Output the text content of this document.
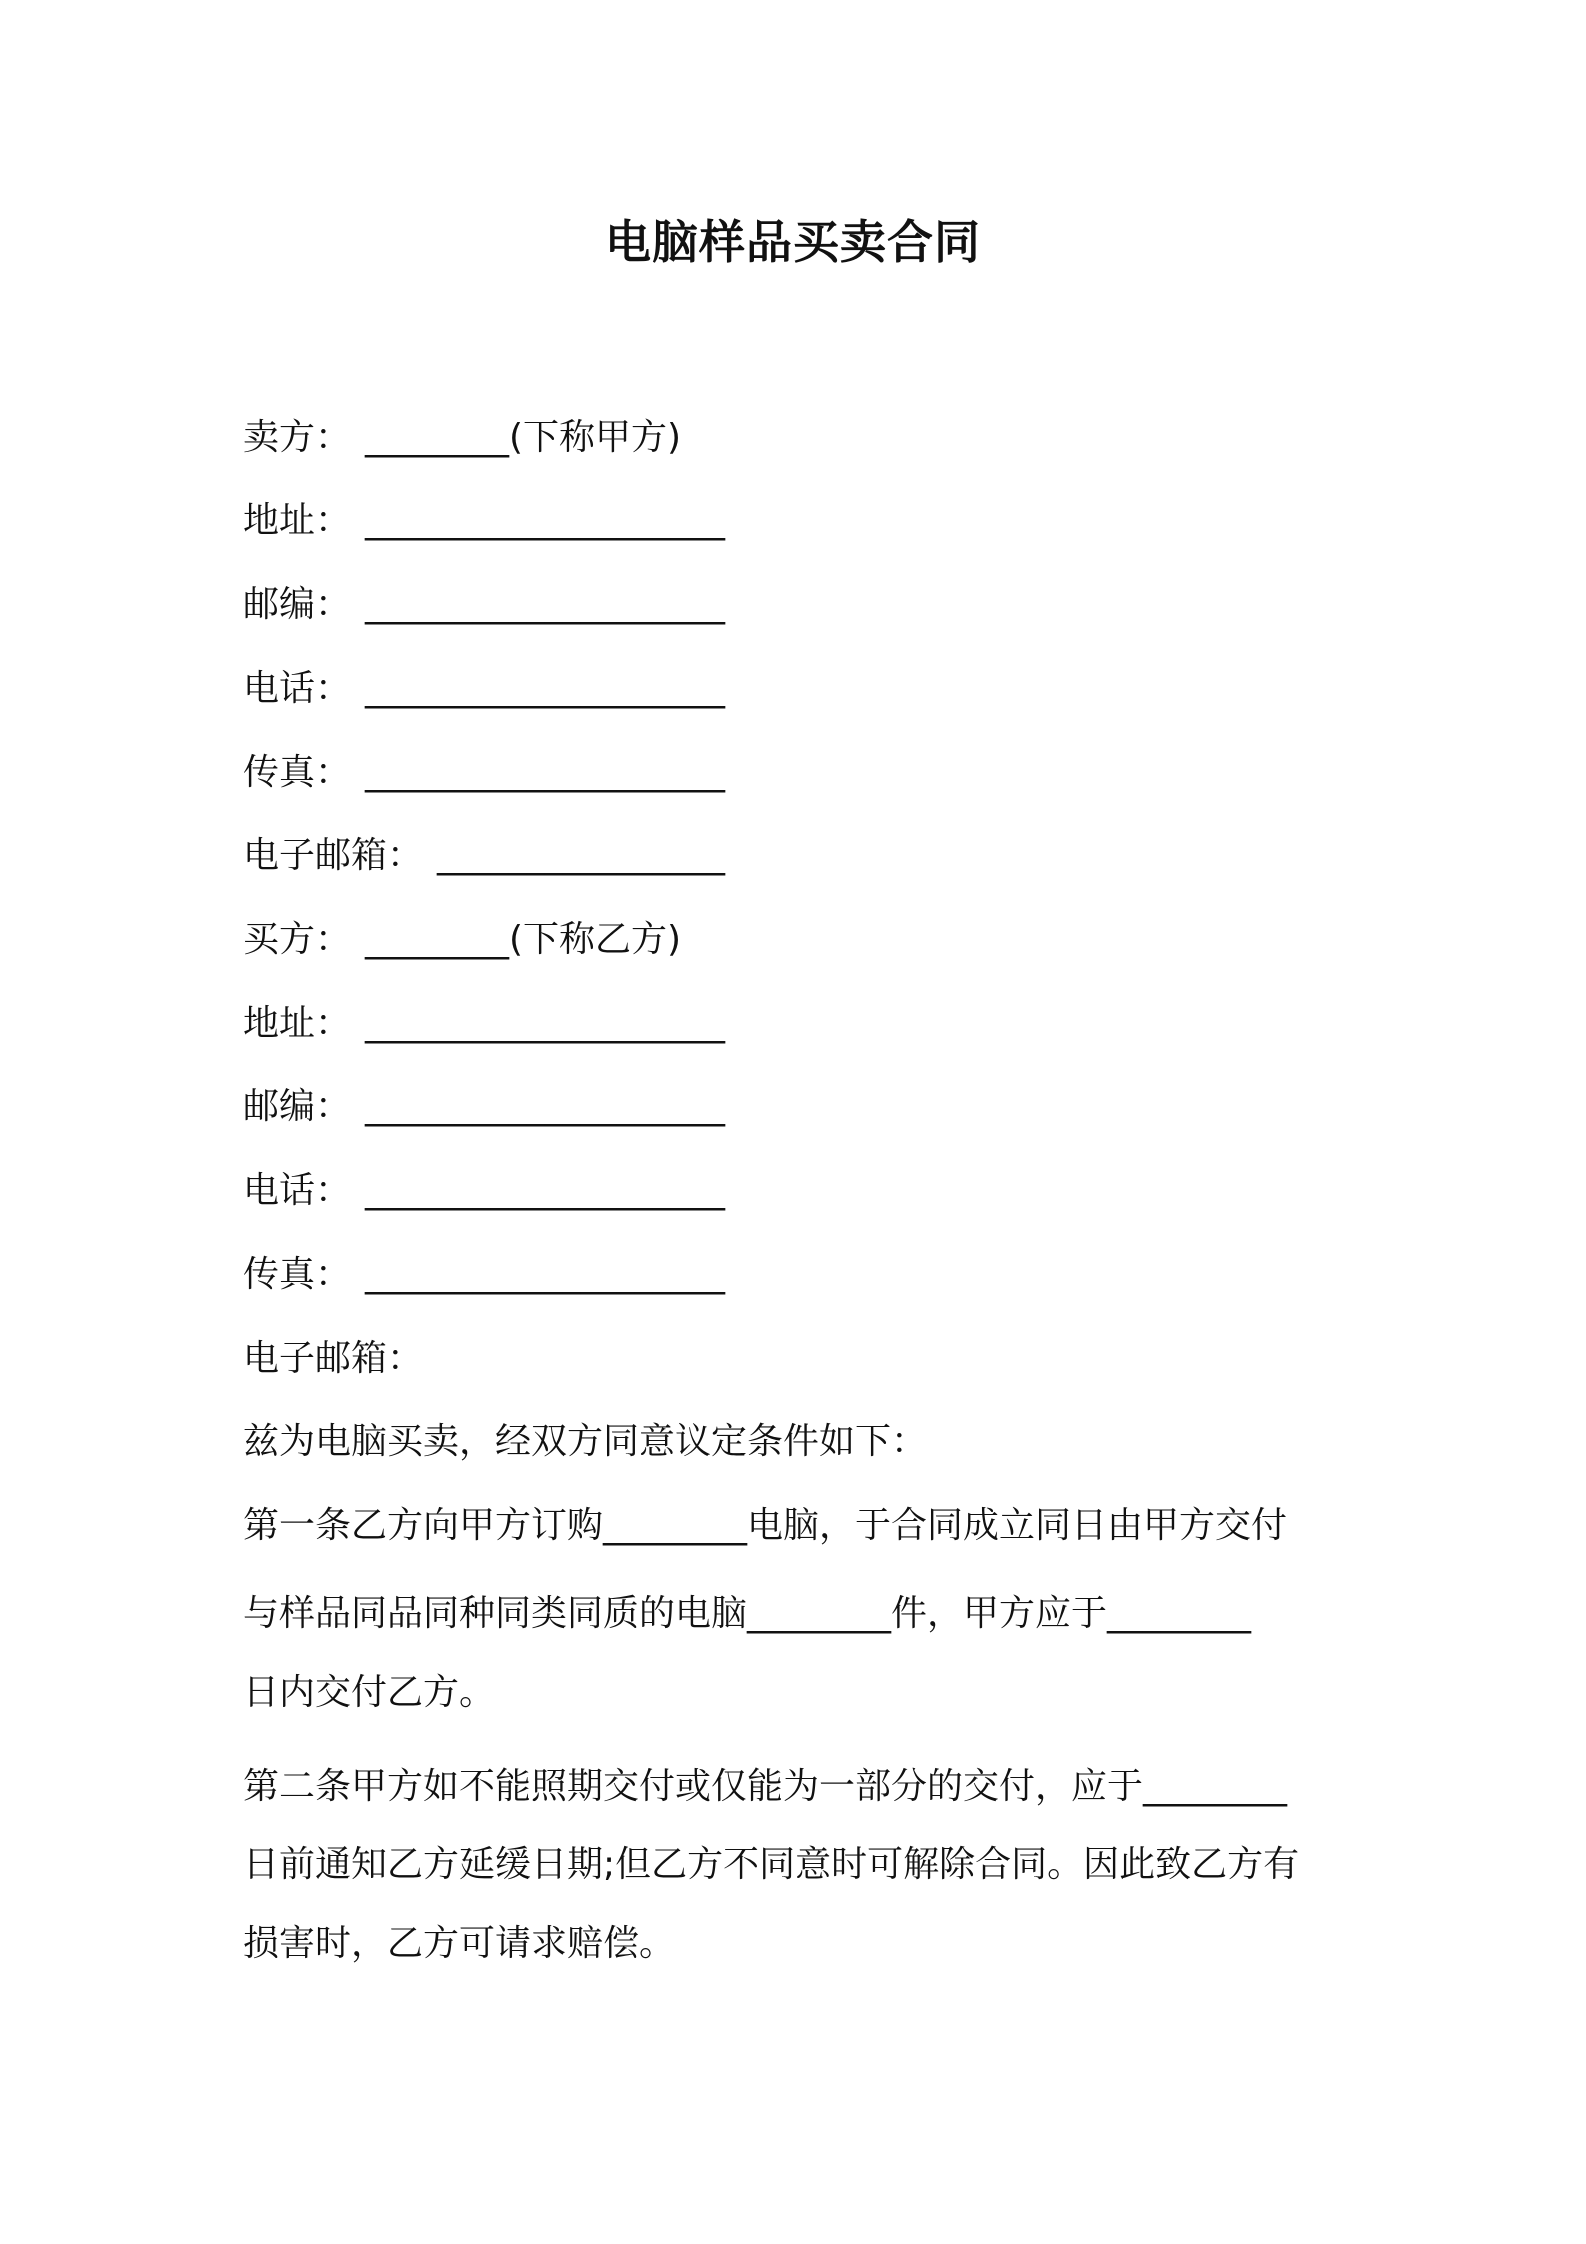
电脑样品买卖合同
卖方： ________(下称甲方)
地址： ____________________
邮编： ____________________
电话： ____________________
传真： ____________________
电子邮箱： ________________
买方： ________(下称乙方)
地址： ____________________
邮编： ____________________
电话： ____________________
传真： ____________________
电子邮箱：
兹为电脑买卖，经双方同意议定条件如下：
第一条乙方向甲方订购________电脑，于合同成立同日由甲方交付
与样品同品同种同类同质的电脑________件，甲方应于________
日内交付乙方。
第二条甲方如不能照期交付或仅能为一部分的交付，应于________
日前通知乙方延缓日期;但乙方不同意时可解除合同。因此致乙方有
损害时，乙方可请求赔偿。
